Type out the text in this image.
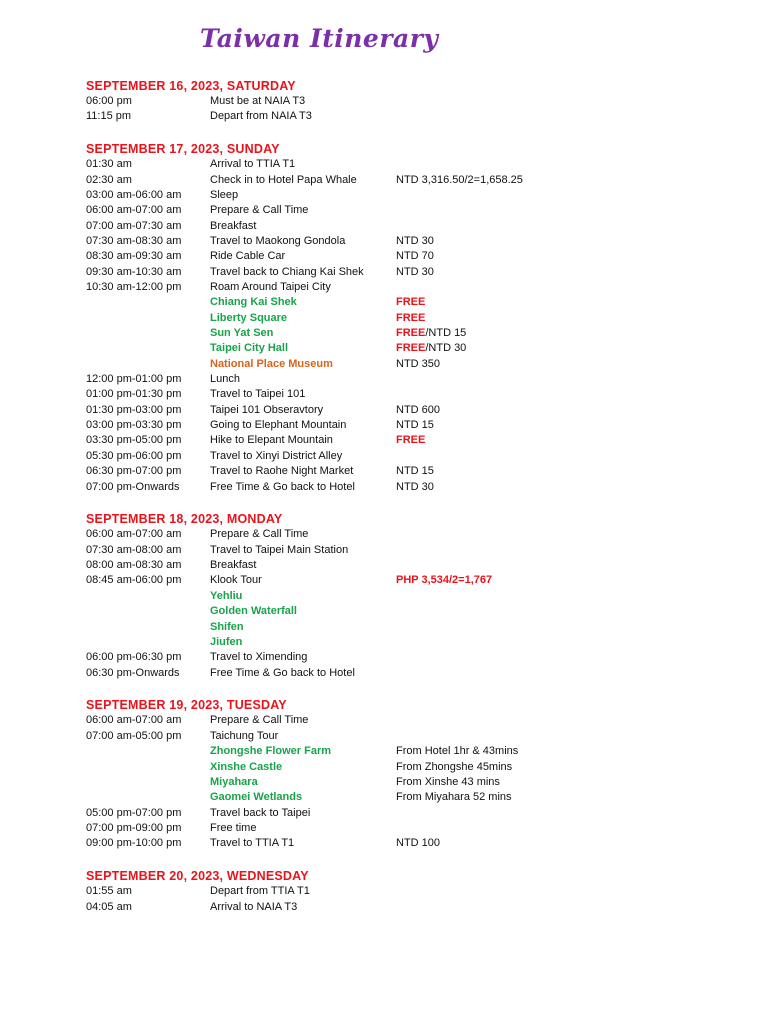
Taiwan Itinerary
SEPTEMBER 16, 2023, SATURDAY
06:00 pm	Must be at NAIA T3
11:15 pm	Depart from NAIA T3
SEPTEMBER 17, 2023, SUNDAY
01:30 am	Arrival to TTIA T1
02:30 am	Check in to Hotel Papa Whale	NTD 3,316.50/2=1,658.25
03:00 am-06:00 am	Sleep
06:00 am-07:00 am	Prepare & Call Time
07:00 am-07:30 am	Breakfast
07:30 am-08:30 am	Travel to Maokong Gondola	NTD 30
08:30 am-09:30 am	Ride Cable Car	NTD 70
09:30 am-10:30 am	Travel back to Chiang Kai Shek	NTD 30
10:30 am-12:00 pm	Roam Around Taipei City
Chiang Kai Shek	FREE
Liberty Square	FREE
Sun Yat Sen	FREE/NTD 15
Taipei City Hall	FREE/NTD 30
National Place Museum	NTD 350
12:00 pm-01:00 pm	Lunch
01:00 pm-01:30 pm	Travel to Taipei 101
01:30 pm-03:00 pm	Taipei 101 Obseravtory	NTD 600
03:00 pm-03:30 pm	Going to Elephant Mountain	NTD 15
03:30 pm-05:00 pm	Hike to Elepant Mountain	FREE
05:30 pm-06:00 pm	Travel to Xinyi District Alley
06:30 pm-07:00 pm	Travel to Raohe Night Market	NTD 15
07:00 pm-Onwards	Free Time & Go back to Hotel	NTD 30
SEPTEMBER 18, 2023, MONDAY
06:00 am-07:00 am	Prepare & Call Time
07:30 am-08:00 am	Travel to Taipei Main Station
08:00 am-08:30 am	Breakfast
08:45 am-06:00 pm	Klook Tour	PHP 3,534/2=1,767
Yehliu
Golden Waterfall
Shifen
Jiufen
06:00 pm-06:30 pm	Travel to Ximending
06:30 pm-Onwards	Free Time & Go back to Hotel
SEPTEMBER 19, 2023, TUESDAY
06:00 am-07:00 am	Prepare & Call Time
07:00 am-05:00 pm	Taichung Tour
Zhongshe Flower Farm	From Hotel 1hr & 43mins
Xinshe Castle	From Zhongshe 45mins
Miyahara	From Xinshe 43 mins
Gaomei Wetlands	From Miyahara 52 mins
05:00 pm-07:00 pm	Travel back to Taipei
07:00 pm-09:00 pm	Free time
09:00 pm-10:00 pm	Travel to TTIA T1	NTD 100
SEPTEMBER 20, 2023, WEDNESDAY
01:55 am	Depart from TTIA T1
04:05 am	Arrival to NAIA T3
